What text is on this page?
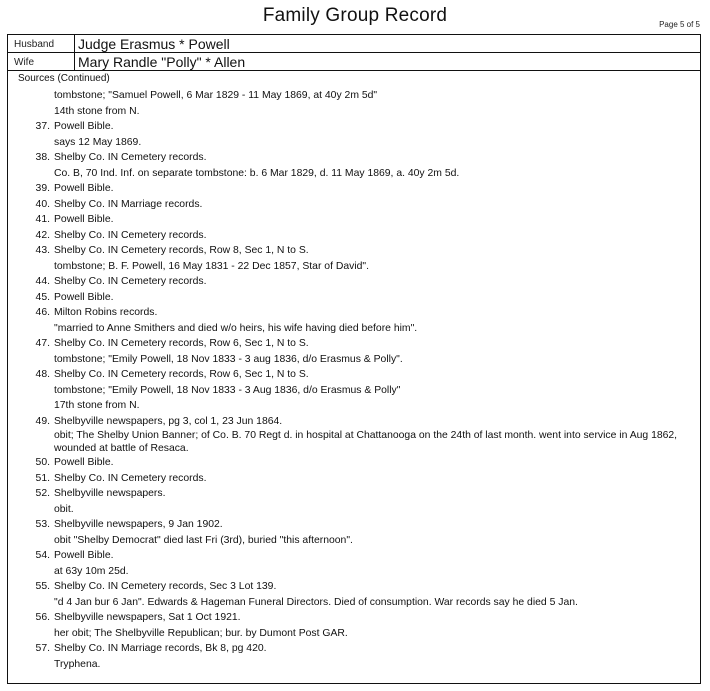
Family Group Record	Page 5 of 5
Husband Judge Erasmus * Powell
Wife	Mary Randle "Polly" * Allen
Sources (Continued)
tombstone; "Samuel Powell, 6 Mar 1829 - 11 May 1869, at 40y 2m 5d"
14th stone from N.
37. Powell Bible.
says 12 May 1869.
38. Shelby Co. IN Cemetery records.
Co. B, 70 Ind. Inf. on separate tombstone: b. 6 Mar 1829, d. 11 May 1869, a. 40y 2m 5d.
39. Powell Bible.
40. Shelby Co. IN Marriage records.
41. Powell Bible.
42. Shelby Co. IN Cemetery records.
43. Shelby Co. IN Cemetery records, Row 8, Sec 1, N to S.
tombstone; B. F. Powell, 16 May 1831 - 22 Dec 1857, Star of David".
44. Shelby Co. IN Cemetery records.
45. Powell Bible.
46. Milton Robins records.
"married to Anne Smithers and died w/o heirs, his wife having died before him".
47. Shelby Co. IN Cemetery records, Row 6, Sec 1, N to S.
tombstone; "Emily Powell, 18 Nov 1833 - 3 aug 1836, d/o Erasmus & Polly".
48. Shelby Co. IN Cemetery records, Row 6, Sec 1, N to S.
tombstone; "Emily Powell, 18 Nov 1833 - 3 Aug 1836, d/o Erasmus & Polly"
17th stone from N.
49. Shelbyville newspapers, pg 3, col 1, 23 Jun 1864.
obit; The Shelby Union Banner; of Co. B. 70 Regt d. in hospital at Chattanooga on the 24th of last month. went into service in Aug 1862, wounded at battle of Resaca.
50. Powell Bible.
51. Shelby Co. IN Cemetery records.
52. Shelbyville newspapers.
obit.
53. Shelbyville newspapers, 9 Jan 1902.
obit "Shelby Democrat" died last Fri (3rd), buried "this afternoon".
54. Powell Bible.
at 63y 10m 25d.
55. Shelby Co. IN Cemetery records, Sec 3 Lot 139.
"d 4 Jan bur 6 Jan". Edwards & Hageman Funeral Directors. Died of consumption. War records say he died 5 Jan.
56. Shelbyville newspapers, Sat 1 Oct 1921.
her obit; The Shelbyville Republican; bur. by Dumont Post GAR.
57. Shelby Co. IN Marriage records, Bk 8, pg 420.
Tryphena.
